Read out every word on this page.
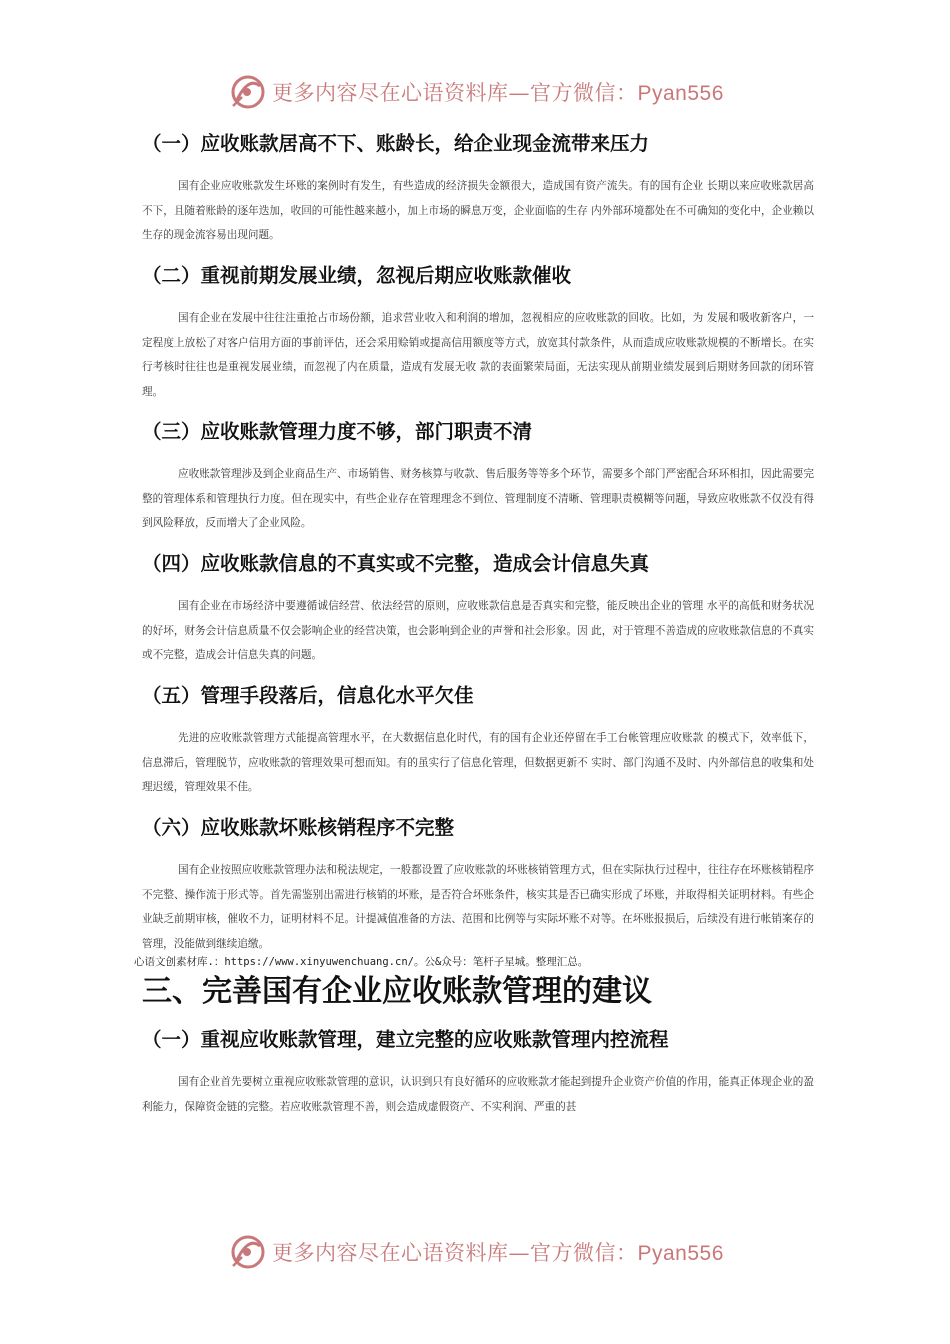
更多内容尽在心语资料库—官方微信：Pyan556
（一）应收账款居高不下、账龄长，给企业现金流带来压力

国有企业应收账款发生坏账的案例时有发生，有些造成的经济损失金额很大，造成国有资产流失。有的国有企业 长期以来应收账款居高不下，且随着账龄的逐年迭加，收回的可能性越来越小，加上市场的瞬息万变，企业面临的生存 内外部环境都处在不可确知的变化中，企业赖以生存的现金流容易出现问题。

（二）重视前期发展业绩，忽视后期应收账款催收

国有企业在发展中往往注重抢占市场份额，追求营业收入和利润的增加，忽视相应的应收账款的回收。比如，为 发展和吸收新客户，一定程度上放松了对客户信用方面的事前评估，还会采用赊销或提高信用额度等方式，放宽其付款条件，从而造成应收账款规模的不断增长。在实行考核时往往也是重视发展业绩，而忽视了内在质量，造成有发展无收 款的表面繁荣局面，无法实现从前期业绩发展到后期财务回款的闭环管理。

（三）应收账款管理力度不够，部门职责不清

应收账款管理涉及到企业商品生产、市场销售、财务核算与收款、售后服务等等多个环节，需要多个部门严密配合环环相扣，因此需要完整的管理体系和管理执行力度。但在现实中，有些企业存在管理理念不到位、管理制度不清晰、管理职责模糊等问题，导致应收账款不仅没有得到风险释放，反而增大了企业风险。

（四）应收账款信息的不真实或不完整，造成会计信息失真

国有企业在市场经济中要遵循诚信经营、依法经营的原则，应收账款信息是否真实和完整，能反映出企业的管理 水平的高低和财务状况的好坏，财务会计信息质量不仅会影响企业的经营决策，也会影响到企业的声誉和社会形象。因 此，对于管理不善造成的应收账款信息的不真实或不完整，造成会计信息失真的问题。

（五）管理手段落后，信息化水平欠佳

先进的应收账款管理方式能提高管理水平，在大数据信息化时代，有的国有企业还停留在手工台帐管理应收账款 的模式下，效率低下，信息滞后，管理脱节，应收账款的管理效果可想而知。有的虽实行了信息化管理，但数据更新不 实时、部门沟通不及时、内外部信息的收集和处理迟缓，管理效果不佳。

（六）应收账款坏账核销程序不完整

国有企业按照应收账款管理办法和税法规定，一般都设置了应收账款的坏账核销管理方式，但在实际执行过程中，往往存在坏账核销程序不完整、操作流于形式等。首先需鉴别出需进行核销的坏账，是否符合坏账条件，核实其是否已确实形成了坏账，并取得相关证明材料。有些企业缺乏前期审核，催收不力，证明材料不足。计提减值准备的方法、范围和比例等与实际坏账不对等。在坏账报损后，后续没有进行帐销案存的管理，没能做到继续追缴。

心语文创素材库.：https://www.xinyuwenchuang.cn/。公&众号：笔杆子星城。整理汇总。
三、完善国有企业应收账款管理的建议
（一）重视应收账款管理，建立完整的应收账款管理内控流程

国有企业首先要树立重视应收账款管理的意识，认识到只有良好循环的应收账款才能起到提升企业资产价值的作用，能真正体现企业的盈利能力，保障资金链的完整。若应收账款管理不善，则会造成虚假资产、不实利润、严重的甚

更多内容尽在心语资料库—官方微信：Pyan556
